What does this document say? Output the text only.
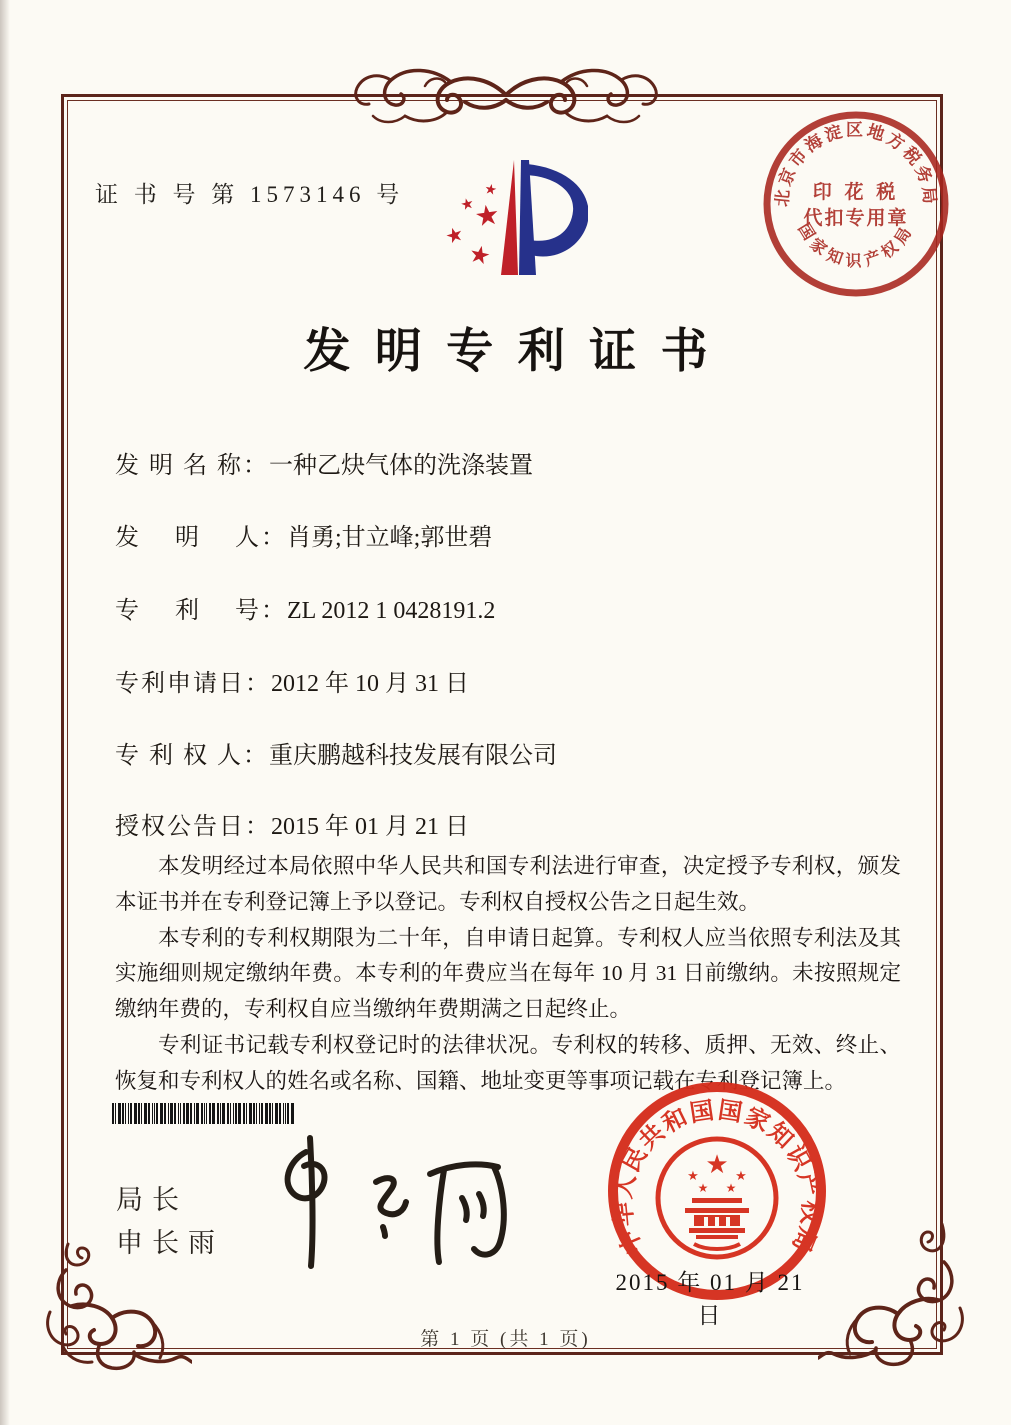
证 书 号 第 1573146 号	★
★
★
★
★
北京市海淀区地方税务局
国家知识产权局
印 花 税
代扣专用章
发明专利证书
发 明 名 称：一种乙炔气体的洗涤装置
发　 明　 人：肖勇;甘立峰;郭世碧
专　 利　 号：ZL 2012 1 0428191.2
专利申请日：2012 年 10 月 31 日
专 利 权 人：重庆鹏越科技发展有限公司
授权公告日：2015 年 01 月 21 日

本发明经过本局依照中华人民共和国专利法进行审查，决定授予专利权，颁发本证书并在专利登记簿上予以登记。专利权自授权公告之日起生效。

本专利的专利权期限为二十年，自申请日起算。专利权人应当依照专利法及其实施细则规定缴纳年费。本专利的年费应当在每年 10 月 31 日前缴纳。未按照规定缴纳年费的，专利权自应当缴纳年费期满之日起终止。

专利证书记载专利权登记时的法律状况。专利权的转移、质押、无效、终止、恢复和专利权人的姓名或名称、国籍、地址变更等事项记载在专利登记簿上。

局长
申长雨	中华人民共和国国家知识产权局
★
★	★
★ ★
2015 年 01 月 21 日
第 1 页 (共 1 页)
